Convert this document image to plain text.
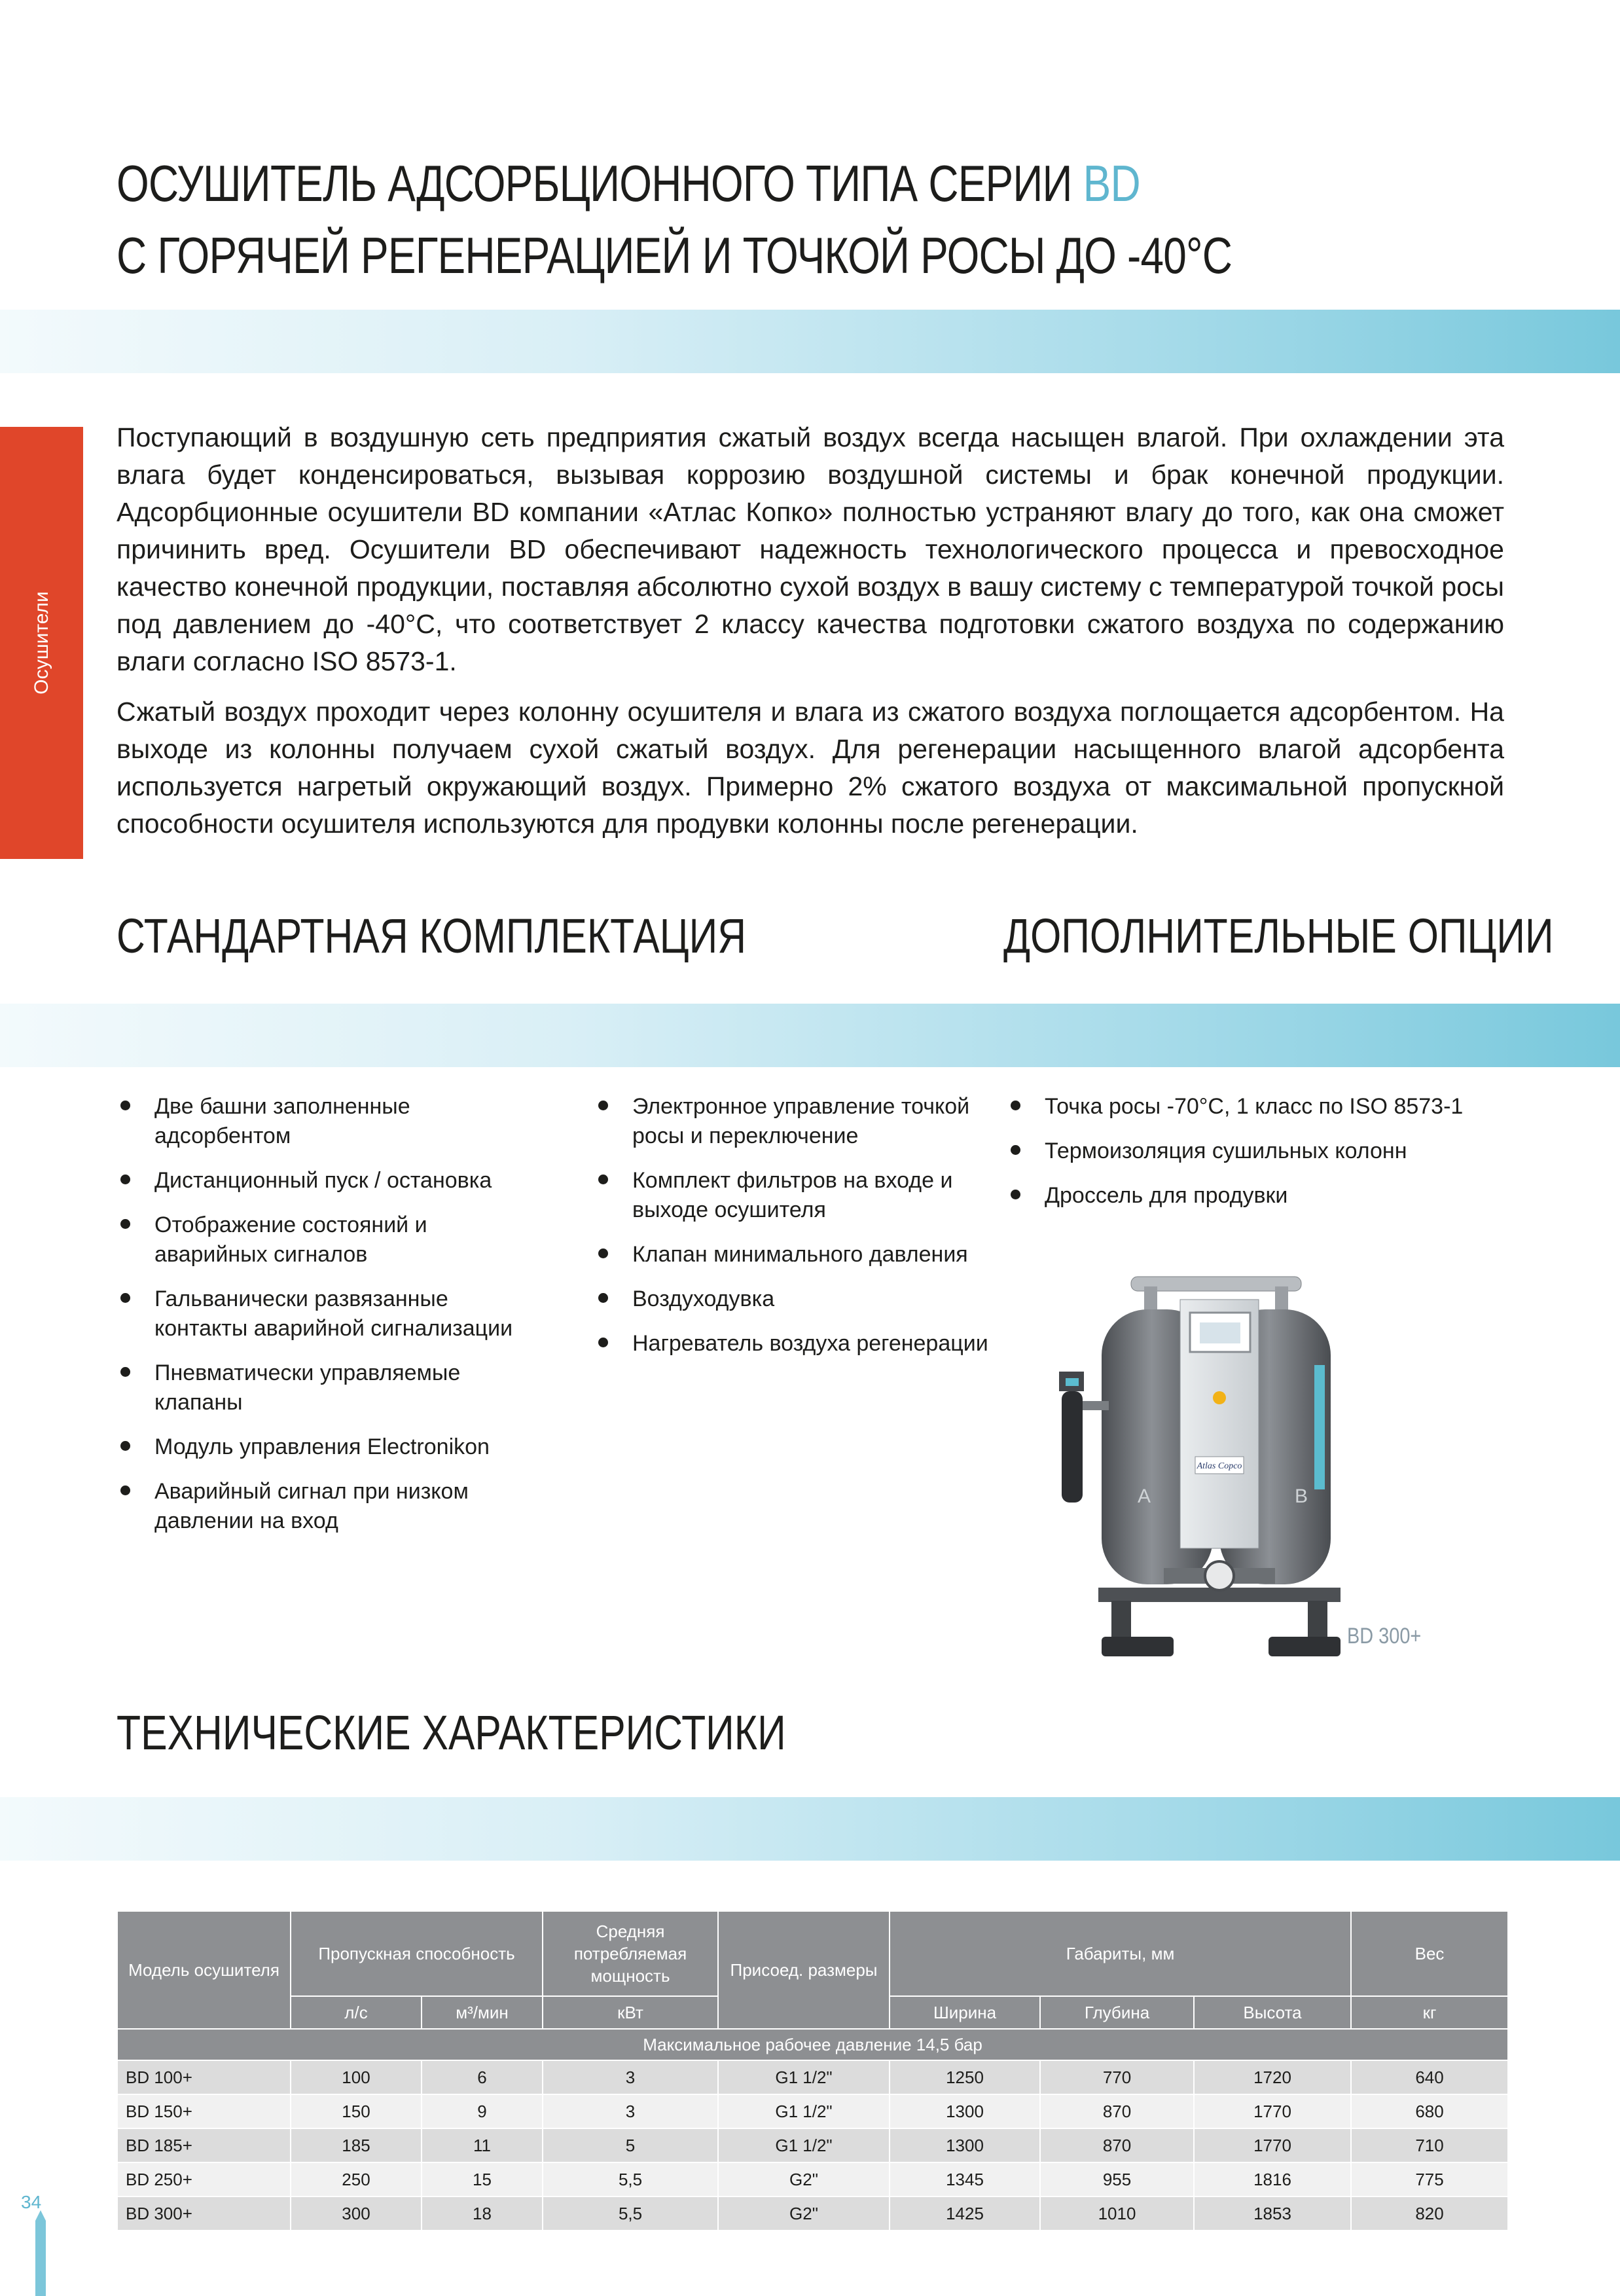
ОСУШИТЕЛЬ АДСОРБЦИОННОГО ТИПА СЕРИИ BD
С ГОРЯЧЕЙ РЕГЕНЕРАЦИЕЙ И ТОЧКОЙ РОСЫ ДО -40°С
Осушители

Поступающий в воздушную сеть предприятия сжатый воздух всегда насыщен влагой. При охлаждении эта влага будет конденсироваться, вызывая коррозию воздушной системы и брак конечной продукции. Адсорбционные осушители BD компании «Атлас Копко» полностью устраняют влагу до того, как она сможет причинить вред. Осушители BD обеспечивают надежность технологического процесса и превосходное качество конечной продукции, поставляя абсолютно сухой воздух в вашу систему с температурой точкой росы под давлением до -40°С, что соответствует 2 классу качества подготовки сжатого воздуха по содержанию влаги согласно ISO 8573-1.

Сжатый воздух проходит через колонну осушителя и влага из сжатого воздуха поглощается адсорбентом. На выходе из колонны получаем сухой сжатый воздух. Для регенерации насыщенного влагой адсорбента используется нагретый окружающий воздух. Примерно 2% сжатого воздуха от максимальной пропускной способности осушителя используются для продувки колонны после регенерации.

СТАНДАРТНАЯ КОМПЛЕКТАЦИЯ	ДОПОЛНИТЕЛЬНЫЕ ОПЦИИ
Две башни заполненные адсорбентом
Дистанционный пуск / остановка
Отображение состояний и аварийных сигналов
Гальванически развязанные контакты аварийной сигнализации
Пневматически управляемые клапаны
Модуль управления Electronikon
Аварийный сигнал при низком давлении на вход
Электронное управление точкой росы и переключение
Комплект фильтров на входе и выходе осушителя
Клапан минимального давления
Воздуходувка
Нагреватель воздуха регенерации
Точка росы -70°С, 1 класс по ISO 8573-1
Термоизоляция сушильных колонн
Дроссель для продувки
Atlas Copco
A	B
BD 300+
ТЕХНИЧЕСКИЕ ХАРАКТЕРИСТИКИ
Модель осушителя	Пропускная способность		Средняя потребляемая мощность	Присоед. размеры	Габариты, мм			Вес
	л/с	м³/мин	кВт		Ширина	Глубина	Высота	кг
Максимальное рабочее давление 14,5 бар								
BD 100+	100	6	3	G1 1/2"	1250	770	1720	640
BD 150+	150	9	3	G1 1/2"	1300	870	1770	680
BD 185+	185	11	5	G1 1/2"	1300	870	1770	710
BD 250+	250	15	5,5	G2"	1345	955	1816	775
BD 300+	300	18	5,5	G2"	1425	1010	1853	820
34
